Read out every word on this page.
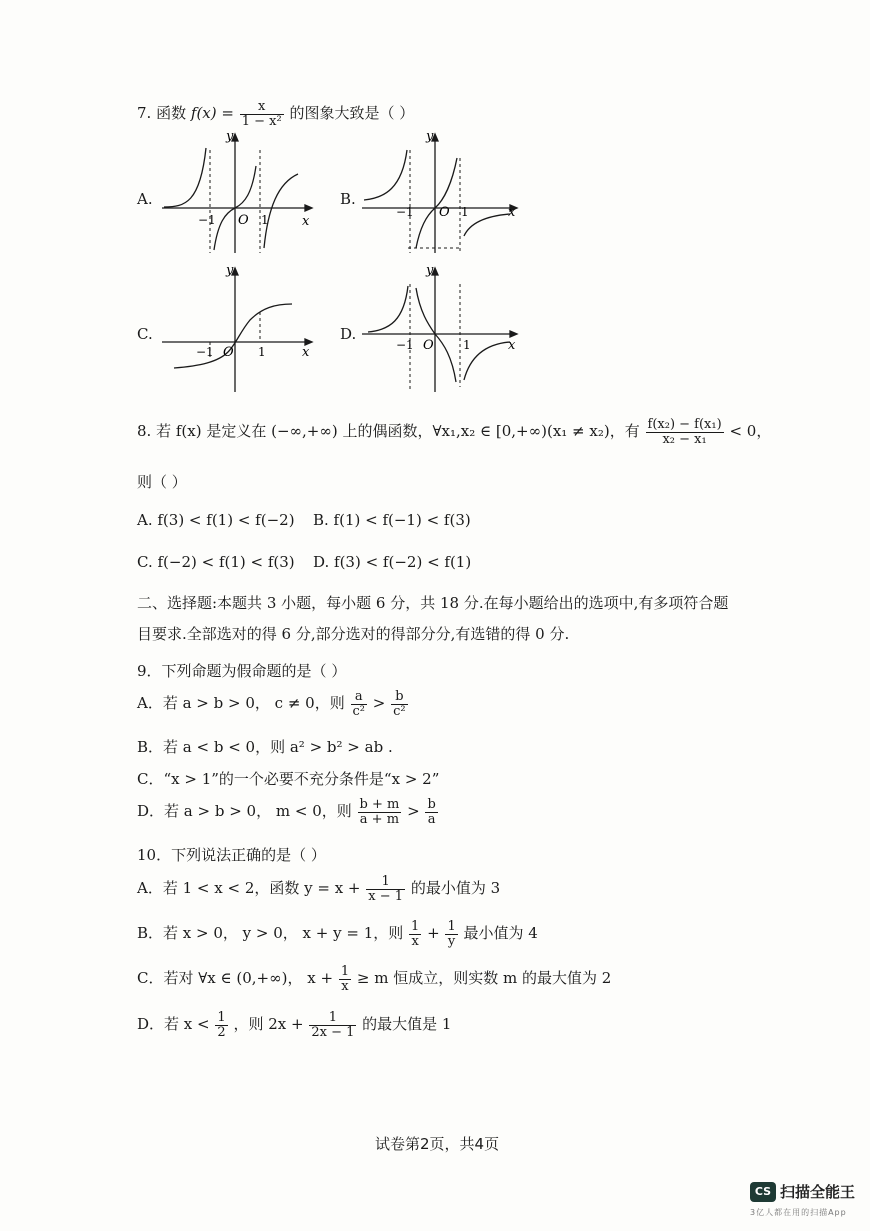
7. 函数 $f(x) = \frac{x}{\text{1 − x²}}$ 的图象大致是（ ）
A.
y
x
O
−1	1
B.
y
x
O
−1	1
C.
y
x
O
−1	1
D.
y
x
O
−1	1
8. 若 f(x) 是定义在 (−∞,+∞) 上的偶函数，∀x₁,x₂ ∈ [0,+∞)(x₁ ≠ x₂)，有 $\frac{\text{f(x₂) − f(x₁)}}{\text{x₂ − x₁}} < 0$，
则（ ）
A. f(3) < f(1) < f(−2) B. f(1) < f(−1) < f(3)
C. f(−2) < f(1) < f(3) D. f(3) < f(−2) < f(1)
二、选择题:本题共 3 小题，每小题 6 分，共 18 分.在每小题给出的选项中,有多项符合题
目要求.全部选对的得 6 分,部分选对的得部分分,有选错的得 0 分.
9．下列命题为假命题的是（ ）
A．若 a > b > 0， c ≠ 0，则 $\frac{a}{\text{c²}} > \frac{b}{\text{c²}}$
B．若 a < b < 0，则 a² > b² > ab .
C．“x > 1”的一个必要不充分条件是“x > 2”
D．若 a > b > 0， m < 0，则 $\frac{b + m}{a + m} > \frac{b}{a}$
10．下列说法正确的是（ ）
A．若 1 < x < 2，函数 $y = x + \frac{1}{x - 1}$ 的最小值为 3
B．若 x > 0， y > 0， x + y = 1，则 $\frac{1}{x} + \frac{1}{y}$ 最小值为 4
C．若对 ∀x ∈ (0,+∞)， $x + \frac{1}{x} \ge m$ 恒成立，则实数 m 的最大值为 2
D．若 $x < \frac{1}{2}$ ，则 $2x + \frac{1}{2x - 1}$ 的最大值是 1
试卷第2页，共4页
CS 扫描全能王
3亿人都在用的扫描App
